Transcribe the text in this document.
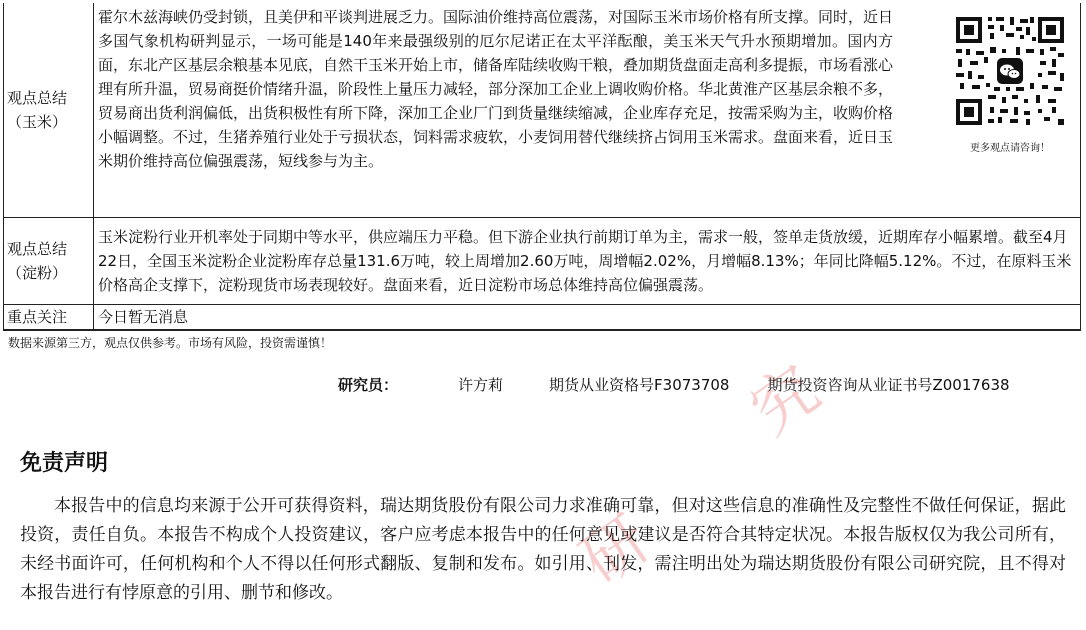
研
究
观点总结（玉米）	霍尔木兹海峡仍受封锁，且美伊和平谈判进展乏力。国际油价维持高位震荡，对国际玉米市场价格有所支撑。同时，近日多国气象机构研判显示，一场可能是140年来最强级别的厄尔尼诺正在太平洋酝酿，美玉米天气升水预期增加。国内方面，东北产区基层余粮基本见底，自然干玉米开始上市，储备库陆续收购干粮，叠加期货盘面走高利多提振，市场看涨心理有所升温，贸易商挺价情绪升温，阶段性上量压力减轻，部分深加工企业上调收购价格。华北黄淮产区基层余粮不多，贸易商出货利润偏低，出货积极性有所下降，深加工企业厂门到货量继续缩减，企业库存充足，按需采购为主，收购价格小幅调整。不过，生猪养殖行业处于亏损状态，饲料需求疲软，小麦饲用替代继续挤占饲用玉米需求。盘面来看，近日玉米期价维持高位偏强震荡，短线参与为主。
更多观点请咨询！

观点总结（淀粉）	玉米淀粉行业开机率处于同期中等水平，供应端压力平稳。但下游企业执行前期订单为主，需求一般，签单走货放缓，近期库存小幅累增。截至4月22日，全国玉米淀粉企业淀粉库存总量131.6万吨，较上周增加2.60万吨，周增幅2.02%，月增幅8.13%；年同比降幅5.12%。不过，在原料玉米价格高企支撑下，淀粉现货市场表现较好。盘面来看，近日淀粉市场总体维持高位偏强震荡。
重点关注	今日暂无消息
数据来源第三方，观点仅供参考。市场有风险，投资需谨慎！
研究员：	许方莉	期货从业资格号F3073708	期货投资咨询从业证书号Z0017638
免责声明
本报告中的信息均来源于公开可获得资料，瑞达期货股份有限公司力求准确可靠，但对这些信息的准确性及完整性不做任何保证，据此投资，责任自负。本报告不构成个人投资建议，客户应考虑本报告中的任何意见或建议是否符合其特定状况。本报告版权仅为我公司所有，未经书面许可，任何机构和个人不得以任何形式翻版、复制和发布。如引用、刊发，需注明出处为瑞达期货股份有限公司研究院，且不得对本报告进行有悖原意的引用、删节和修改。
